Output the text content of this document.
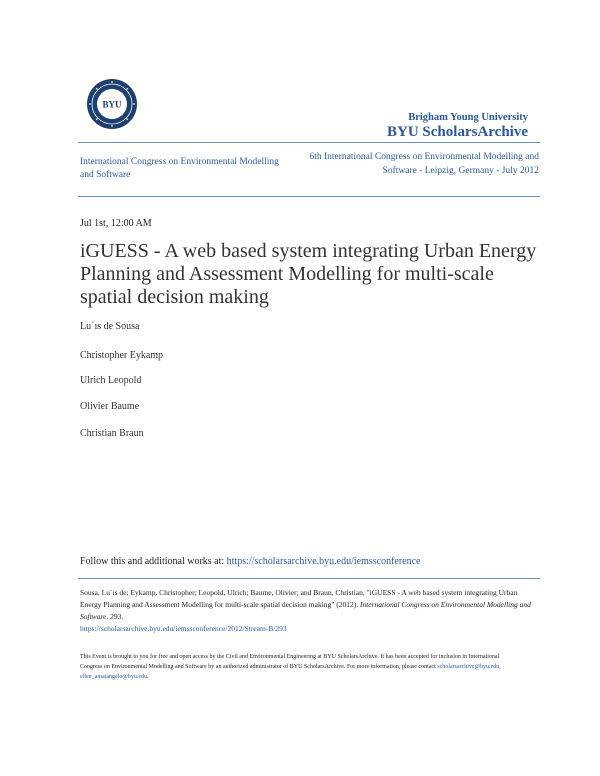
BYU
Brigham Young University
BYU ScholarsArchive
International Congress on Environmental Modelling and Software
6th International Congress on Environmental Modelling and Software - Leipzig, Germany - July 2012
Jul 1st, 12:00 AM
iGUESS - A web based system integrating Urban Energy Planning and Assessment Modelling for multi-scale spatial decision making
Lu´ıs de Sousa
Christopher Eykamp
Ulrich Leopold
Olivier Baume
Christian Braun
Follow this and additional works at: https://scholarsarchive.byu.edu/iemssconference
Sousa, Lu´ıs de; Eykamp, Christopher; Leopold, Ulrich; Baume, Olivier; and Braun, Christian, "iGUESS - A web based system integrating Urban Energy Planning and Assessment Modelling for multi-scale spatial decision making" (2012). International Congress on Environmental Modelling and Software. 293.
https://scholarsarchive.byu.edu/iemssconference/2012/Stream-B/293
This Event is brought to you for free and open access by the Civil and Environmental Engineering at BYU ScholarsArchive. It has been accepted for inclusion in International Congress on Environmental Modelling and Software by an authorized administrator of BYU ScholarsArchive. For more information, please contact scholarsarchive@byu.edu, ellen_amatangelo@byu.edu.
